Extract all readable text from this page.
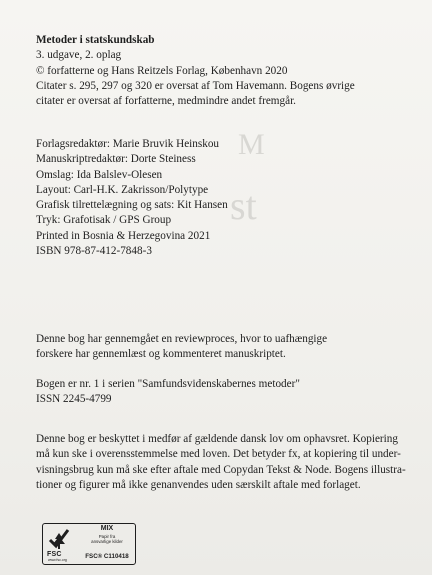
M
st
Metoder i statskundskab
3. udgave, 2. oplag
© forfatterne og Hans Reitzels Forlag, København 2020
Citater s. 295, 297 og 320 er oversat af Tom Havemann. Bogens øvrige
citater er oversat af forfatterne, medmindre andet fremgår.
Forlagsredaktør: Marie Bruvik Heinskou
Manuskriptredaktør: Dorte Steiness
Omslag: Ida Balslev-Olesen
Layout: Carl-H.K. Zakrisson/Polytype
Grafisk tilrettelægning og sats: Kit Hansen
Tryk: Grafotisak / GPS Group
Printed in Bosnia & Herzegovina 2021
ISBN 978-87-412-7848-3
Denne bog har gennemgået en reviewproces, hvor to uafhængige
forskere har gennemlæst og kommenteret manuskriptet.
Bogen er nr. 1 i serien "Samfundsvidenskabernes metoder"
ISSN 2245-4799
Denne bog er beskyttet i medfør af gældende dansk lov om ophavsret. Kopiering
må kun ske i overensstemmelse med loven. Det betyder fx, at kopiering til under-
visningsbrug kun må ske efter aftale med Copydan Tekst & Node. Bogens illustra-
tioner og figurer må ikke genanvendes uden særskilt aftale med forlaget.
FSC
www.fsc.org
MIX
Papir fra
ansvarlige kilder
FSC® C110418
